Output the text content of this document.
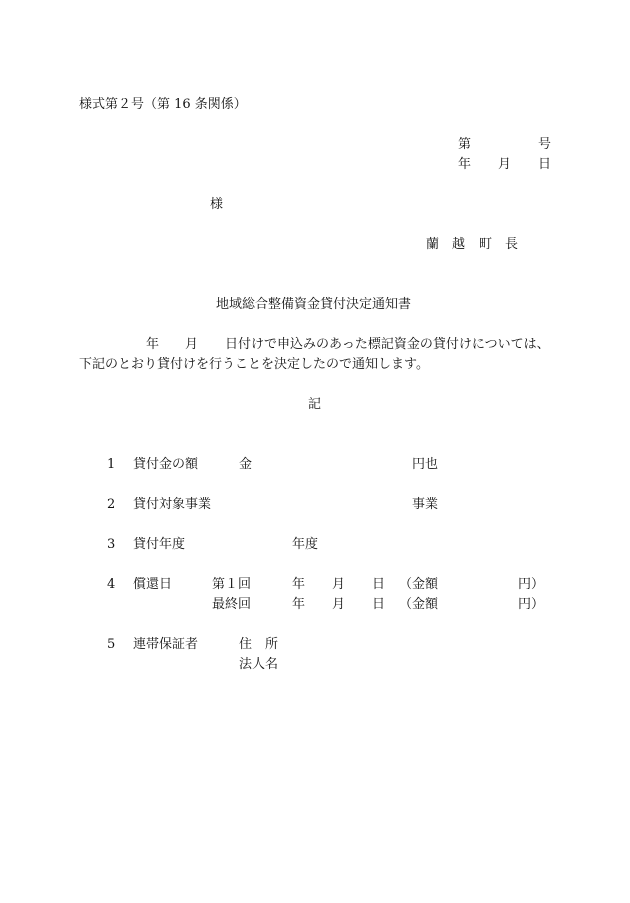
様式第２号（第 16 条関係）
第	号
年 月 日
様
蘭 越 町 長
地域総合整備資金貸付決定通知書
年 月 日付けで申込みのあった標記資金の貸付けについては、
下記のとおり貸付けを行うことを決定したので通知します。
記
1 貸付金の額	金	円也
2 貸付対象事業	事業
3 貸付年度	年度
4 償還日	第１回	年 月 日 （金額	円）
最終回	年 月 日 （金額	円）
5 連帯保証者	住　所
法人名
